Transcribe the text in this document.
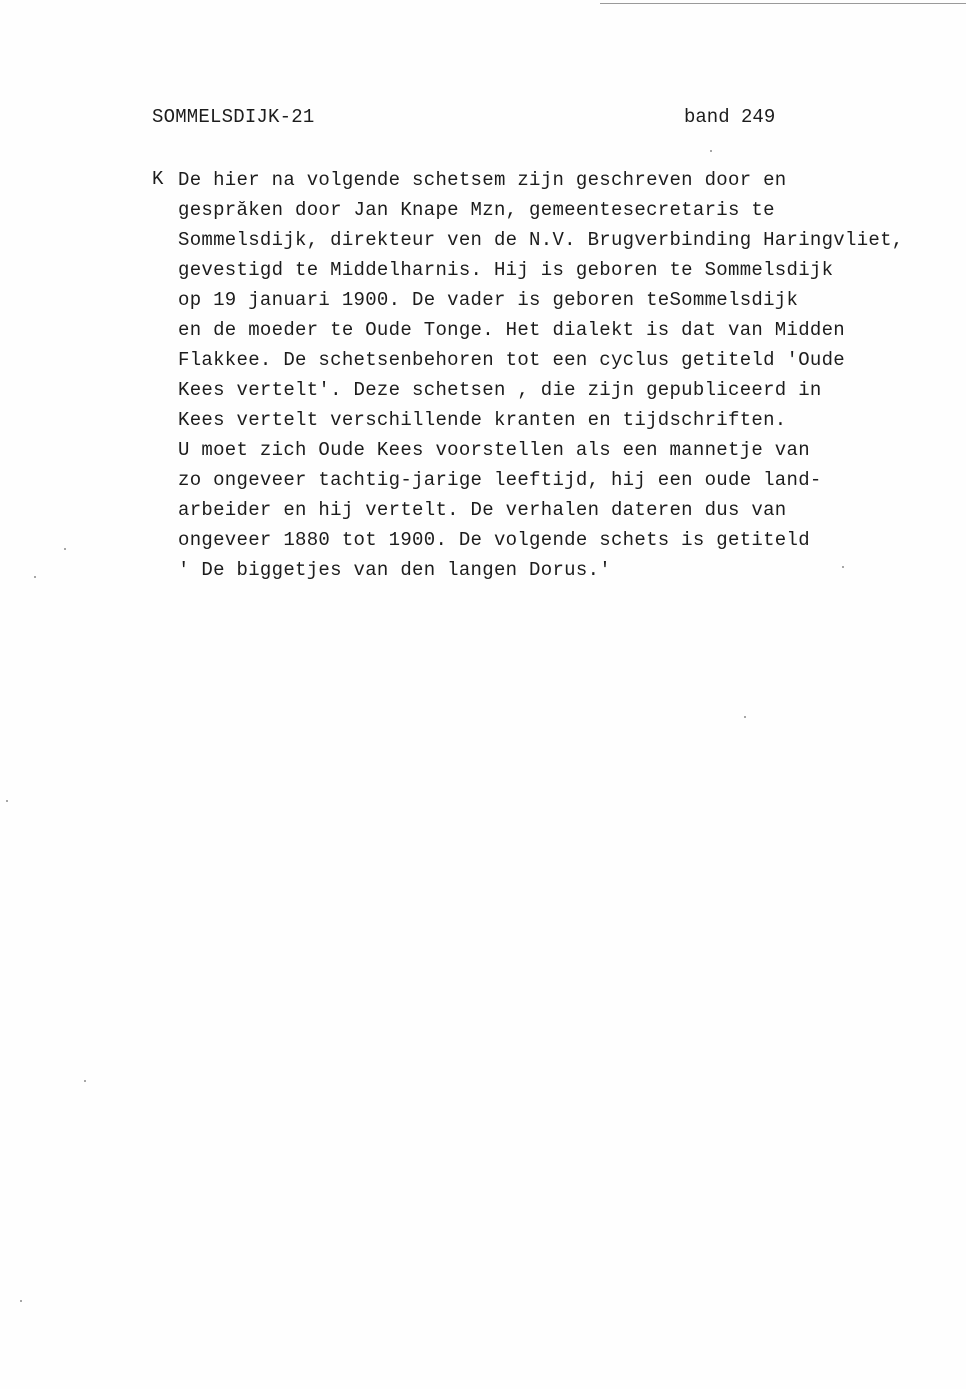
SOMMELSDIJK-21	band 249
K De hier na volgende schetsem zijn geschreven door en
gesprăken door Jan Knape Mzn, gemeentesecretaris te
Sommelsdijk, direkteur ven de N.V. Brugverbinding Haringvliet,
gevestigd te Middelharnis. Hij is geboren te Sommelsdijk
op 19 januari 1900. De vader is geboren teSommelsdijk
en de moeder te Oude Tonge. Het dialekt is dat van Midden
Flakkee. De schetsenbehoren tot een cyclus getiteld 'Oude
Kees vertelt'. Deze schetsen , die zijn gepubliceerd in
Kees vertelt verschillende kranten en tijdschriften.
U moet zich Oude Kees voorstellen als een mannetje van
zo ongeveer tachtig-jarige leeftijd, hij een oude land-
arbeider en hij vertelt. De verhalen dateren dus van
ongeveer 1880 tot 1900. De volgende schets is getiteld
' De biggetjes van den langen Dorus.'
